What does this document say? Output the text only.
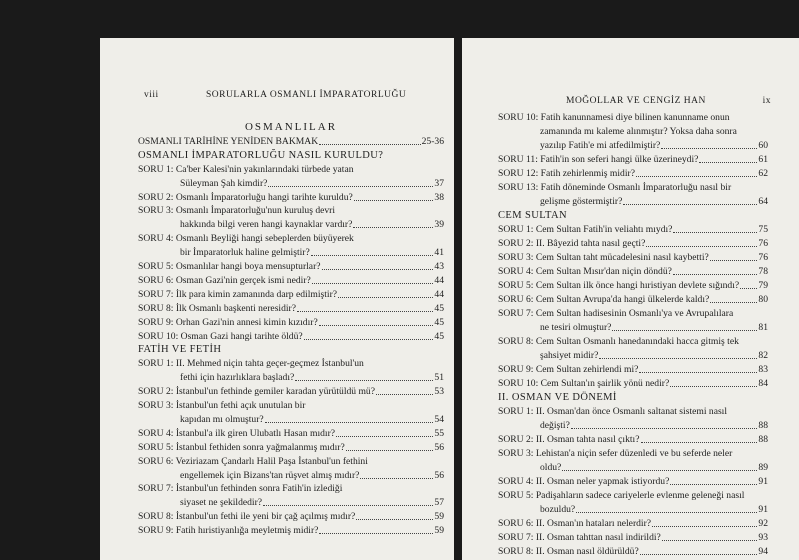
viii	SORULARLA OSMANLI İMPARATORLUĞU
OSMANLILAR
OSMANLI TARİHİNE YENİDEN BAKMAK	25-36
OSMANLI İMPARATORLUĞU NASIL KURULDU?
SORU 1: Ca'ber Kalesi'nin yakınlarındaki türbede yatan
Süleyman Şah kimdir?	37
SORU 2: Osmanlı İmparatorluğu hangi tarihte kuruldu?	38
SORU 3: Osmanlı İmparatorluğu'nun kuruluş devri
hakkında bilgi veren hangi kaynaklar vardır?	39
SORU 4: Osmanlı Beyliği hangi sebeplerden büyüyerek
bir İmparatorluk haline gelmiştir?	41
SORU 5: Osmanlılar hangi boya mensupturlar?	43
SORU 6: Osman Gazi'nin gerçek ismi nedir?	44
SORU 7: İlk para kimin zamanında darp edilmiştir?	44
SORU 8: İlk Osmanlı başkenti neresidir?	45
SORU 9: Orhan Gazi'nin annesi kimin kızıdır?	45
SORU 10: Osman Gazi hangi tarihte öldü?	45
FATİH VE FETİH
SORU 1: II. Mehmed niçin tahta geçer-geçmez İstanbul'un
fethi için hazırlıklara başladı?	51
SORU 2: İstanbul'un fethinde gemiler karadan yürütüldü mü?	53
SORU 3: İstanbul'un fethi açık unutulan bir
kapıdan mı olmuştur?	54
SORU 4: İstanbul'a ilk giren Ulubatlı Hasan mıdır?	55
SORU 5: İstanbul fethiden sonra yağmalanmış mıdır?	56
SORU 6: Veziriazam Çandarlı Halil Paşa İstanbul'un fethini
engellemek için Bizans'tan rüşvet almış mıdır?	56
SORU 7: İstanbul'un fethinden sonra Fatih'in izlediği
siyaset ne şekildedir?	57
SORU 8: İstanbul'un fethi ile yeni bir çağ açılmış mıdır?	59
SORU 9: Fatih hıristiyanlığa meyletmiş midir?	59
MOĞOLLAR VE CENGİZ HAN	ix
SORU 10: Fatih kanunnamesi diye bilinen kanunname onun
zamanında mı kaleme alınmıştır? Yoksa daha sonra
yazılıp Fatih'e mi atfedilmiştir?	60
SORU 11: Fatih'in son seferi hangi ülke üzerineydi?	61
SORU 12: Fatih zehirlenmiş midir?	62
SORU 13: Fatih döneminde Osmanlı İmparatorluğu nasıl bir
gelişme göstermiştir?	64
CEM SULTAN
SORU 1: Cem Sultan Fatih'in veliahtı mıydı?	75
SORU 2: II. Bâyezid tahta nasıl geçti?	76
SORU 3: Cem Sultan taht mücadelesini nasıl kaybetti?	76
SORU 4: Cem Sultan Mısır'dan niçin döndü?	78
SORU 5: Cem Sultan ilk önce hangi hıristiyan devlete sığındı? 79
SORU 6: Cem Sultan Avrupa'da hangi ülkelerde kaldı?	80
SORU 7: Cem Sultan hadisesinin Osmanlı'ya ve Avrupalılara
ne tesiri olmuştur?	81
SORU 8: Cem Sultan Osmanlı hanedanındaki hacca gitmiş tek
şahsiyet midir?	82
SORU 9: Cem Sultan zehirlendi mi?	83
SORU 10: Cem Sultan'ın şairlik yönü nedir?	84
II. OSMAN VE DÖNEMİ
SORU 1: II. Osman'dan önce Osmanlı saltanat sistemi nasıl
değişti?	88
SORU 2: II. Osman tahta nasıl çıktı?	88
SORU 3: Lehistan'a niçin sefer düzenledi ve bu seferde neler
oldu?	89
SORU 4: II. Osman neler yapmak istiyordu?	91
SORU 5: Padişahların sadece cariyelerle evlenme geleneği nasıl
bozuldu?	91
SORU 6: II. Osman'ın hataları nelerdir?	92
SORU 7: II. Osman tahttan nasıl indirildi?	93
SORU 8: II. Osman nasıl öldürüldü?	94
